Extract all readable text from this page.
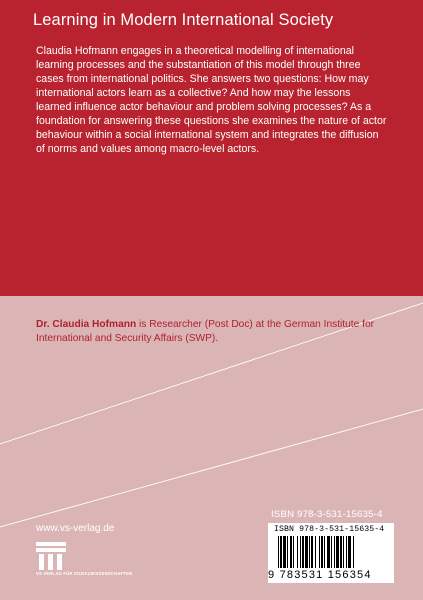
Learning in Modern International Society

Claudia Hofmann engages in a theoretical modelling of international learning processes and the substantiation of this model through three cases from international politics. She answers two questions: How may international actors learn as a collective? And how may the lessons learned influence actor behaviour and problem solving processes? As a foundation for answering these questions she examines the nature of actor behaviour within a social international system and integrates the diffusion of norms and values among macro-level actors.

Dr. Claudia Hofmann is Researcher (Post Doc) at the German Institute for International and Security Affairs (SWP).

www.vs-verlag.de
VS VERLAG FÜR SOZIALWISSENSCHAFTEN
ISBN 978-3-531-15635-4
ISBN 978-3-531-15635-4
9 783531 156354
